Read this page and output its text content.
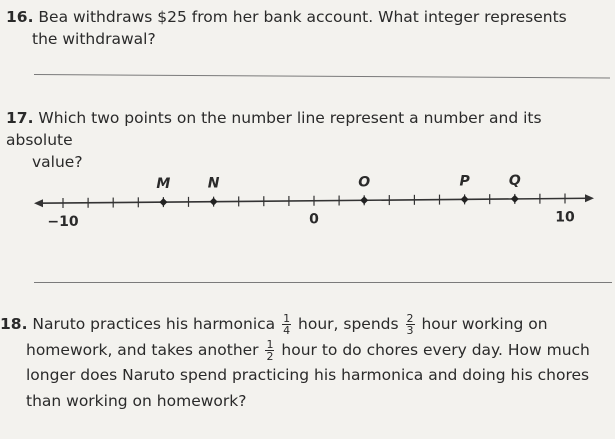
16. Bea withdraws $25 from her bank account. What integer represents
the withdrawal?
17. Which two points on the number line represent a number and its absolute
value?
−10	0	10
M	N	O	P	Q
18. Naruto practices his harmonica $\frac{1}{4}$ hour, spends $\frac{2}{3}$ hour working on
homework, and takes another $\frac{1}{2}$ hour to do chores every day. How much
longer does Naruto spend practicing his harmonica and doing his chores
than working on homework?
